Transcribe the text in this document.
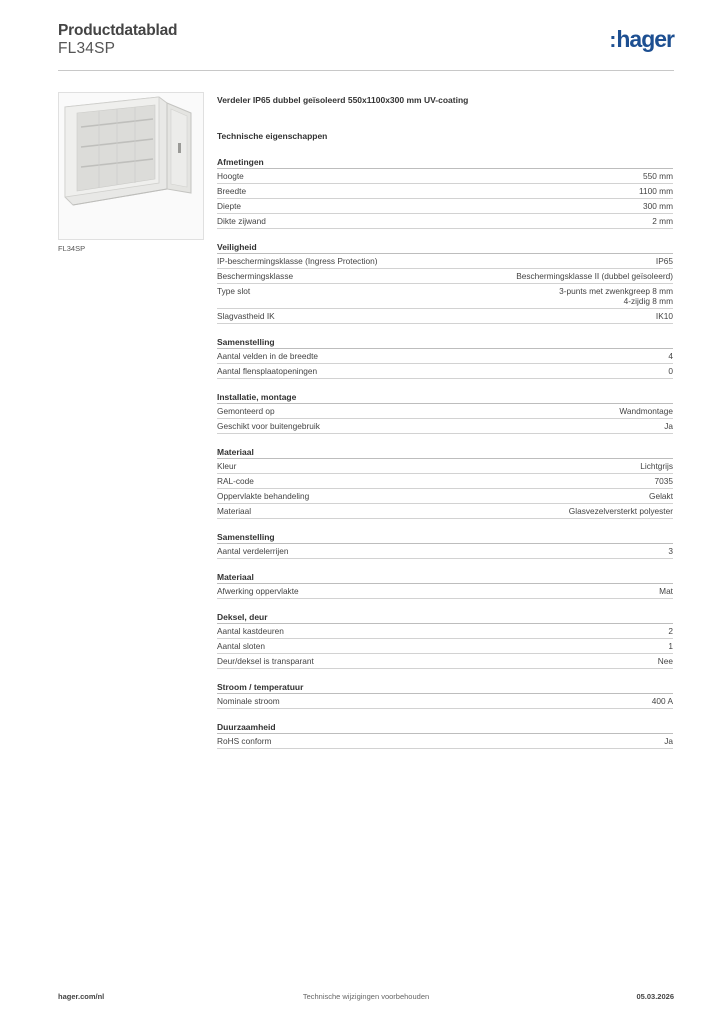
Productdatablad
FL34SP	:hager
FL34SP
Verdeler IP65 dubbel geïsoleerd 550x1100x300 mm UV-coating
Technische eigenschappen
Afmetingen
Hoogte	550 mm
Breedte	1100 mm
Diepte	300 mm
Dikte zijwand	2 mm
Veiligheid
IP-beschermingsklasse (Ingress Protection)	IP65
Beschermingsklasse	Beschermingsklasse II (dubbel geïsoleerd)
Type slot	3-punts met zwenkgreep 8 mm
4-zijdig 8 mm
Slagvastheid IK	IK10
Samenstelling
Aantal velden in de breedte	4
Aantal flensplaatopeningen	0
Installatie, montage
Gemonteerd op	Wandmontage
Geschikt voor buitengebruik	Ja
Materiaal
Kleur	Lichtgrijs
RAL-code	7035
Oppervlakte behandeling	Gelakt
Materiaal	Glasvezelversterkt polyester
Samenstelling
Aantal verdelerrijen	3
Materiaal
Afwerking oppervlakte	Mat
Deksel, deur
Aantal kastdeuren	2
Aantal sloten	1
Deur/deksel is transparant	Nee
Stroom / temperatuur
Nominale stroom	400 A
Duurzaamheid
RoHS conform	Ja
hager.com/nl	Technische wijzigingen voorbehouden	05.03.2026
